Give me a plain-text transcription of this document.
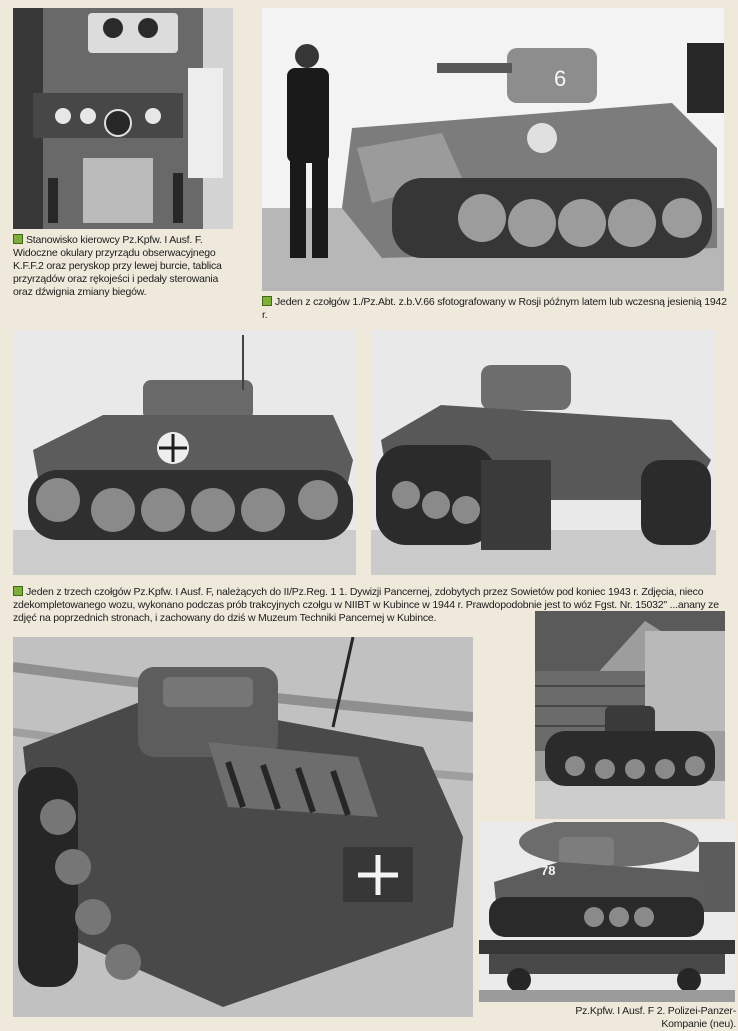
Stanowisko kierowcy Pz.Kpfw. I Ausf. F. Widoczne okulary przyrządu obserwacyjnego K.F.F.2 oraz peryskop przy lewej burcie, tablica przyrządów oraz rękojeści i pedały sterowania oraz dźwignia zmiany biegów.
6
Jeden z czołgów 1./Pz.Abt. z.b.V.66 sfotografowany w Rosji późnym latem lub wczesną jesienią 1942 r.
Jeden z trzech czołgów Pz.Kpfw. I Ausf. F, należących do II/Pz.Reg. 1 1. Dywizji Pancernej, zdobytych przez Sowietów pod koniec 1943 r. Zdjęcia, nieco zdekompletowanego wozu, wykonano podczas prób trakcyjnych czołgu w NIIBT w Kubince w 1944 r. Prawdopodobnie jest to wóz Fgst. Nr. 15032" ...anany ze zdjęć na poprzednich stronach, i zachowany do dziś w Muzeum Techniki Pancernej w Kubince.
78
Pz.Kpfw. I Ausf. F 2. Polizei-Panzer-Kompanie (neu).
